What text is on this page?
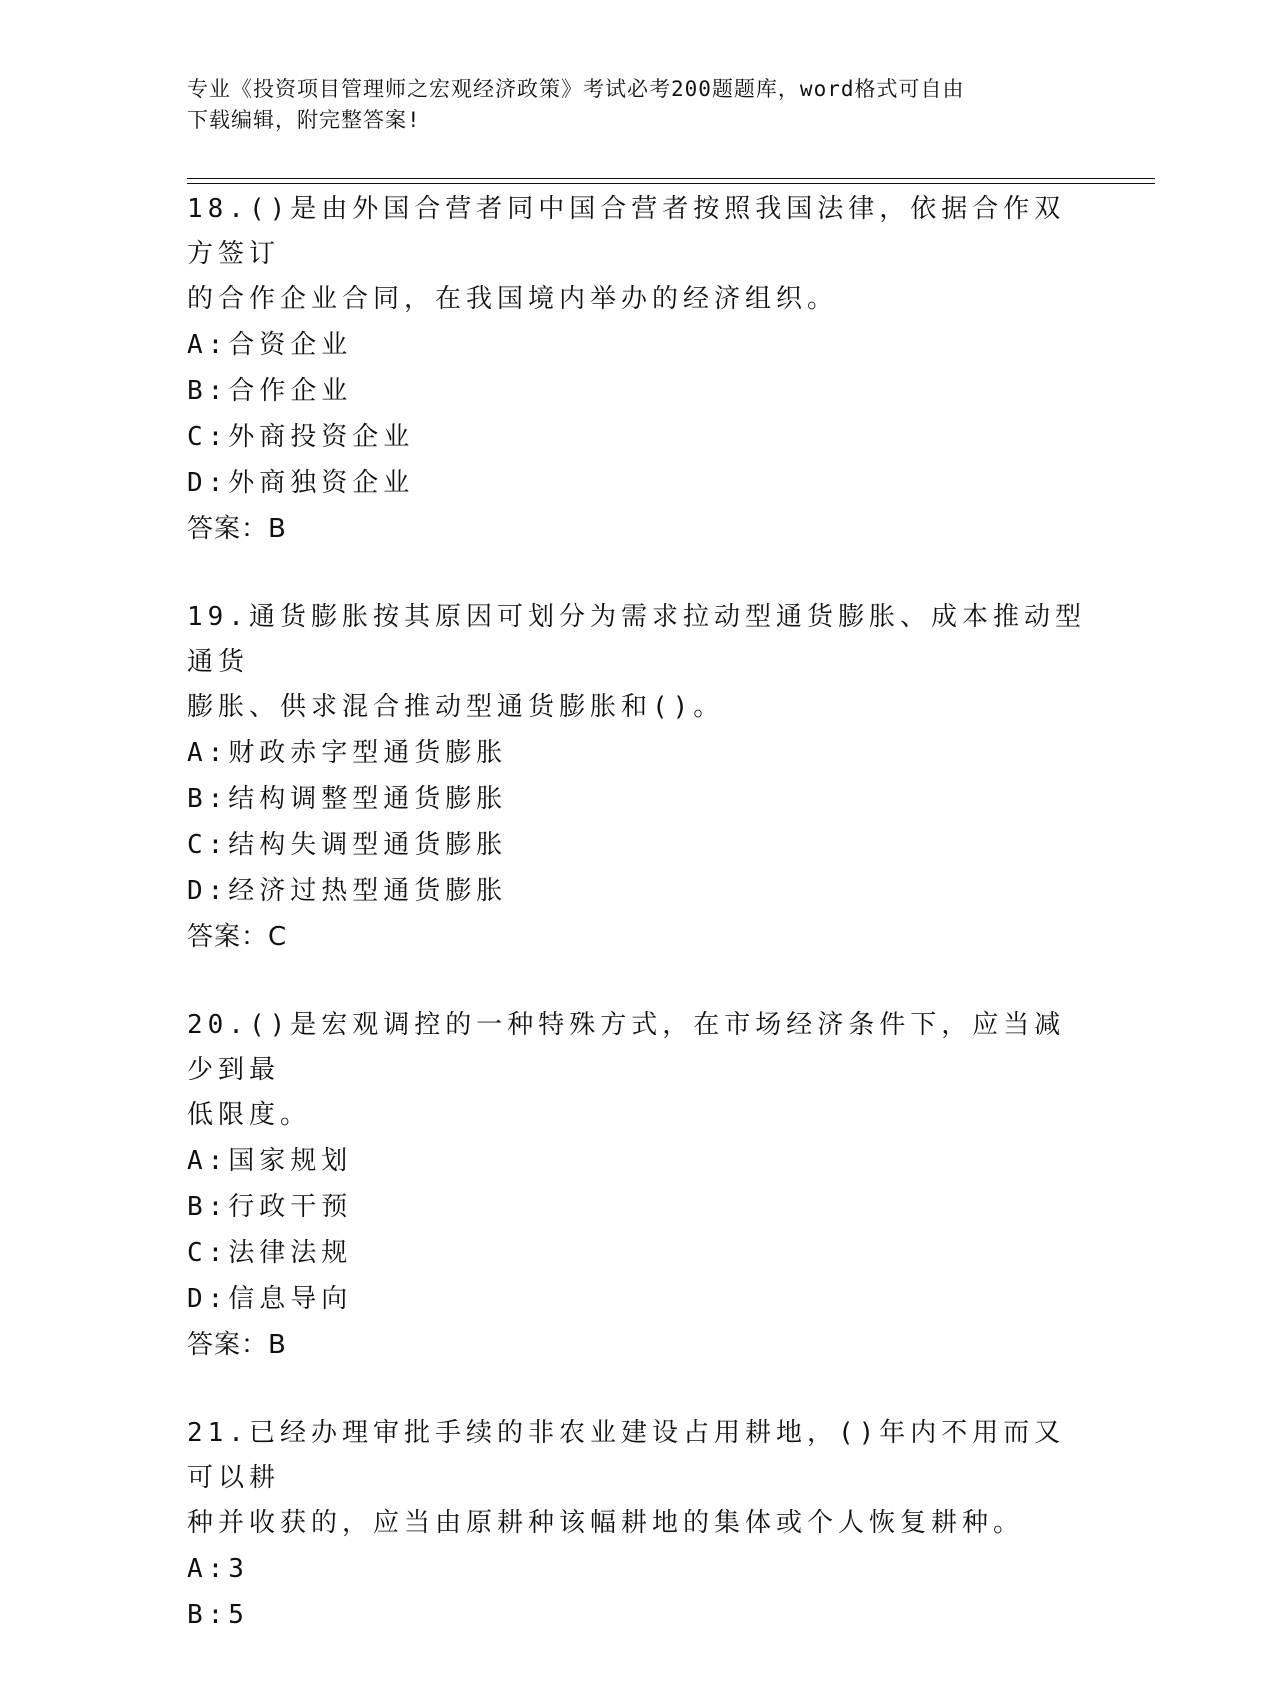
专业《投资项目管理师之宏观经济政策》考试必考200题题库，word格式可自由
下载编辑，附完整答案!
18.()是由外国合营者同中国合营者按照我国法律，依据合作双方签订
的合作企业合同，在我国境内举办的经济组织。
A:合资企业
B:合作企业
C:外商投资企业
D:外商独资企业
答案：B
19.通货膨胀按其原因可划分为需求拉动型通货膨胀、成本推动型通货
膨胀、供求混合推动型通货膨胀和()。
A:财政赤字型通货膨胀
B:结构调整型通货膨胀
C:结构失调型通货膨胀
D:经济过热型通货膨胀
答案：C
20.()是宏观调控的一种特殊方式，在市场经济条件下，应当减少到最
低限度。
A:国家规划
B:行政干预
C:法律法规
D:信息导向
答案：B
21.已经办理审批手续的非农业建设占用耕地，()年内不用而又可以耕
种并收获的，应当由原耕种该幅耕地的集体或个人恢复耕种。
A:3
B:5
